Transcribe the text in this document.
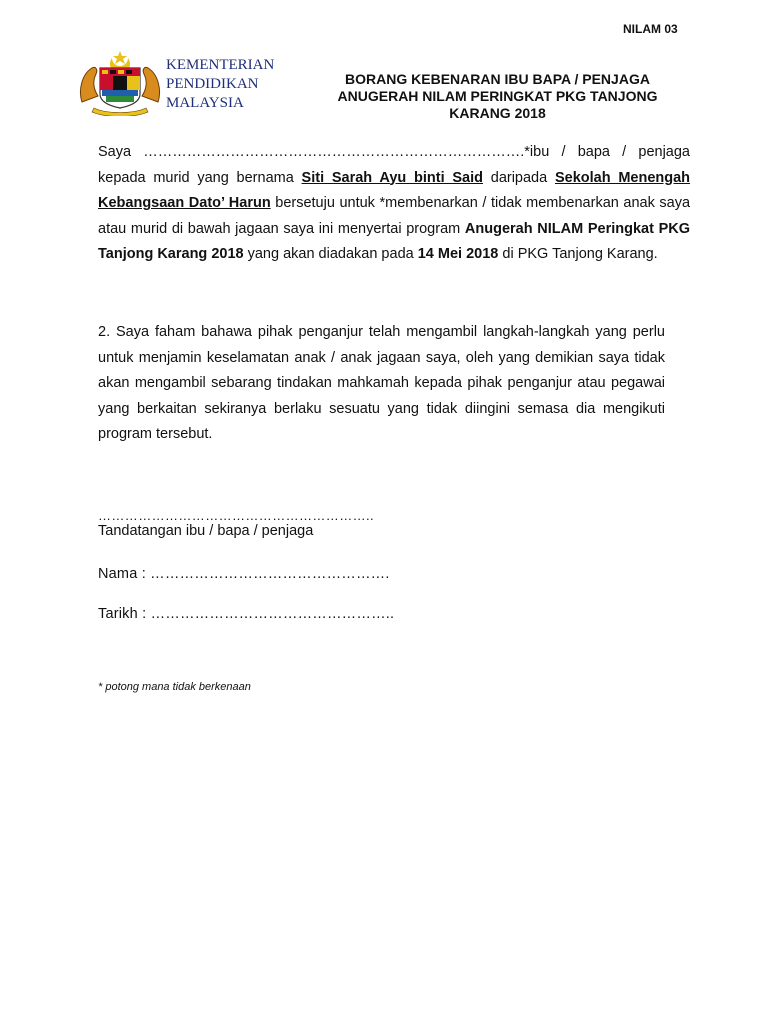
NILAM 03
KEMENTERIAN
PENDIDIKAN
MALAYSIA
BORANG KEBENARAN IBU BAPA / PENJAGA
ANUGERAH NILAM PERINGKAT PKG TANJONG
KARANG 2018
Saya …………………………………………………………………….*ibu / bapa / penjaga kepada murid yang bernama Siti Sarah Ayu binti Said daripada Sekolah Menengah Kebangsaan Dato’ Harun bersetuju untuk *membenarkan / tidak membenarkan anak saya atau murid di bawah jagaan saya ini menyertai program Anugerah NILAM Peringkat PKG Tanjong Karang 2018 yang akan diadakan pada 14 Mei 2018 di PKG Tanjong Karang.
2. Saya faham bahawa pihak penganjur telah mengambil langkah-langkah yang perlu untuk menjamin keselamatan anak / anak jagaan saya, oleh yang demikian saya tidak akan mengambil sebarang tindakan mahkamah kepada pihak penganjur atau pegawai yang berkaitan sekiranya berlaku sesuatu yang tidak diingini semasa dia mengikuti program tersebut.
……………………………………………………..
Tandatangan ibu / bapa / penjaga
Nama : ………………………………………….
Tarikh : …………………………………………..
* potong mana tidak berkenaan
